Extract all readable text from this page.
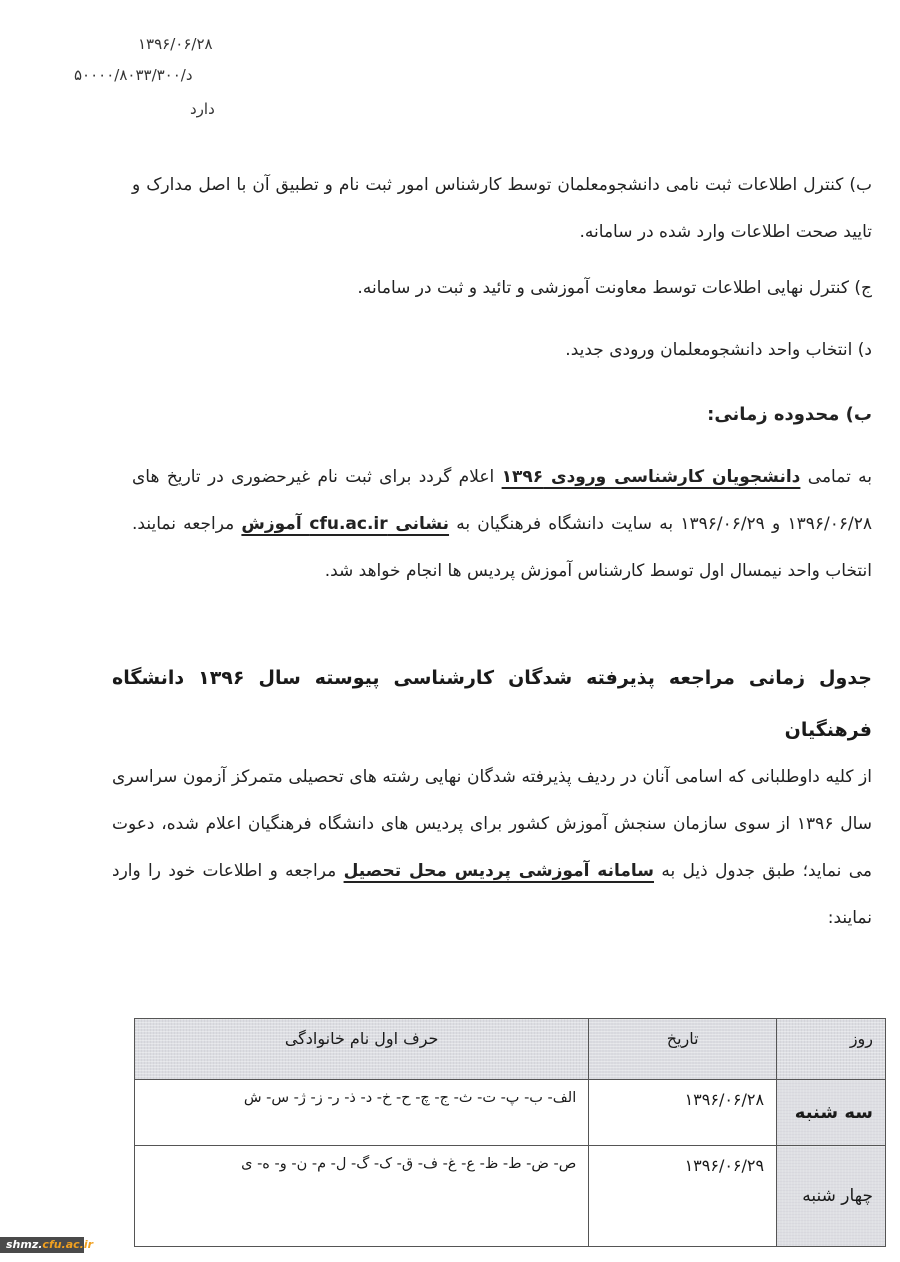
۱۳۹۶/۰۶/۲۸
د/۵۰۰۰۰/۸۰۳۳/۳۰۰
دارد
ب) کنترل اطلاعات ثبت نامی دانشجومعلمان توسط کارشناس امور ثبت نام و تطبیق آن با اصل مدارک و تایید صحت اطلاعات وارد شده در سامانه.
ج) کنترل نهایی اطلاعات توسط معاونت آموزشی و تائید و ثبت در سامانه.
د) انتخاب واحد دانشجومعلمان ورودی جدید.
ب) محدوده زمانی:
به تمامی دانشجویان کارشناسی ورودی ۱۳۹۶ اعلام گردد برای ثبت نام غیرحضوری در تاریخ های ۱۳۹۶/۰۶/۲۸ و ۱۳۹۶/۰۶/۲۹ به سایت دانشگاه فرهنگیان به نشانی cfu.ac.ir آموزش مراجعه نمایند. انتخاب واحد نیمسال اول توسط کارشناس آموزش پردیس ها انجام خواهد شد.
جدول زمانی مراجعه پذیرفته شدگان کارشناسی پیوسته سال ۱۳۹۶ دانشگاه فرهنگیان
از کلیه داوطلبانی که اسامی آنان در ردیف پذیرفته شدگان نهایی رشته های تحصیلی متمرکز آزمون سراسری سال ۱۳۹۶ از سوی سازمان سنجش آموزش کشور برای پردیس های دانشگاه فرهنگیان اعلام شده، دعوت می نماید؛ طبق جدول ذیل به سامانه آموزشی پردیس محل تحصیل مراجعه و اطلاعات خود را وارد نمایند:
روز	تاریخ	حرف اول نام خانوادگی
سه شنبه	۱۳۹۶/۰۶/۲۸	الف- ب- پ- ت- ث- ج- چ- ح- خ- د- ذ- ر- ز- ژ- س- ش
چهار شنبه	۱۳۹۶/۰۶/۲۹	ص- ض- ط- ظ- ع- غ- ف- ق- ک- گ- ل- م- ن- و- ه- ی
shmz.cfu.ac.ir
